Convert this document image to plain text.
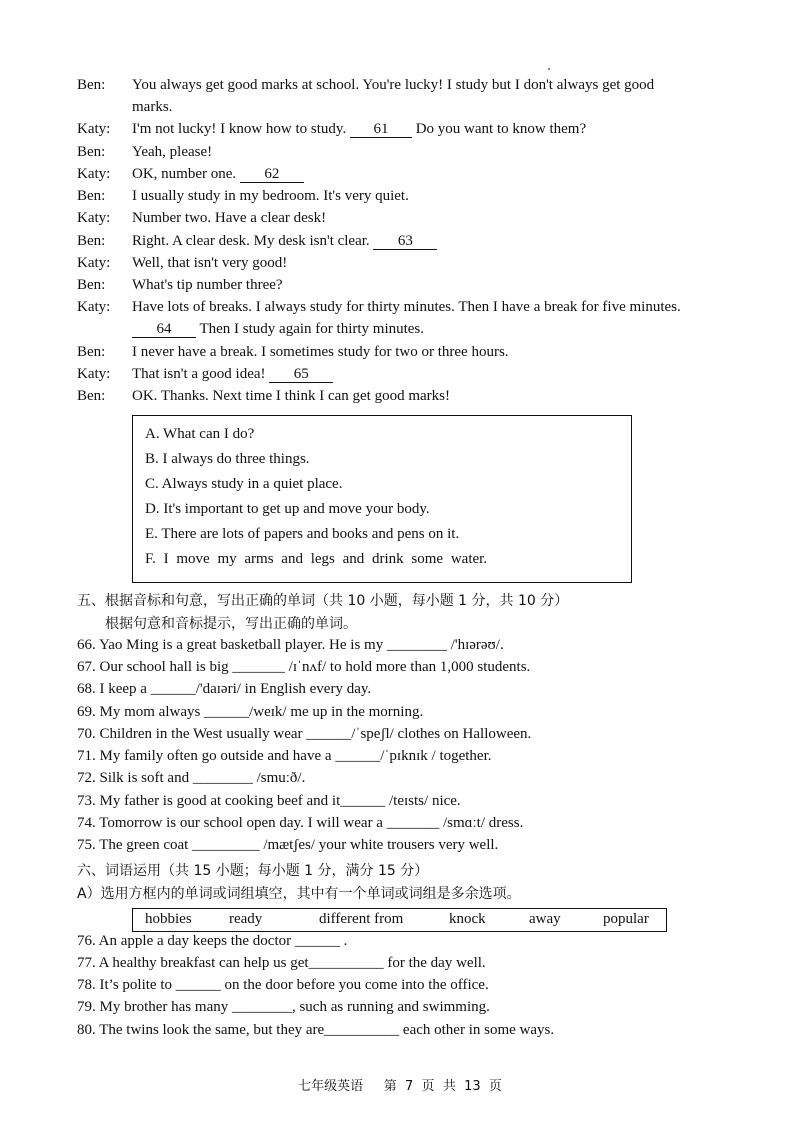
Ben: You always get good marks at school. You're lucky! I study but I don't always get good
marks.
Katy: I'm not lucky! I know how to study. 61 Do you want to know them?
Ben: Yeah, please!
Katy: OK, number one. 62
Ben: I usually study in my bedroom. It's very quiet.
Katy: Number two. Have a clear desk!
Ben: Right. A clear desk. My desk isn't clear. 63
Katy: Well, that isn't very good!
Ben: What's tip number three?
Katy: Have lots of breaks. I always study for thirty minutes. Then I have a break for five minutes.
64 Then I study again for thirty minutes.
Ben: I never have a break. I sometimes study for two or three hours.
Katy: That isn't a good idea! 65
Ben: OK. Thanks. Next time I think I can get good marks!
A. What can I do?
B. I always do three things.
C. Always study in a quiet place.
D. It's important to get up and move your body.
E. There are lots of papers and books and pens on it.
F. I move my arms and legs and drink some water.
五、根据音标和句意，写出正确的单词（共 10 小题，每小题 1 分，共 10 分）
根据句意和音标提示，写出正确的单词。
66. Yao Ming is a great basketball player. He is my ________ /'hɪərəʊ/.
67. Our school hall is big _______ /ɪˈnʌf/ to hold more than 1,000 students.
68. I keep a ______/'daɪəri/ in English every day.
69. My mom always ______/weɪk/ me up in the morning.
70. Children in the West usually wear ______/ˈspeʃl/ clothes on Halloween.
71. My family often go outside and have a ______/ˈpɪknɪk / together.
72. Silk is soft and ________ /smuːð/.
73. My father is good at cooking beef and it______ /teɪsts/ nice.
74. Tomorrow is our school open day. I will wear a _______ /smɑːt/ dress.
75. The green coat _________ /mætʃes/ your white trousers very well.
六、词语运用（共 15 小题；每小题 1 分，满分 15 分）
A）选用方框内的单词或词组填空，其中有一个单词或词组是多余选项。
hobbies ready	different from	knock	away	popular
76. An apple a day keeps the doctor ______ .
77. A healthy breakfast can help us get__________ for the day well.
78. It’s polite to ______ on the door before you come into the office.
79. My brother has many ________, such as running and swimming.
80. The twins look the same, but they are__________ each other in some ways.
七年级英语     第  7  页  共  13  页
